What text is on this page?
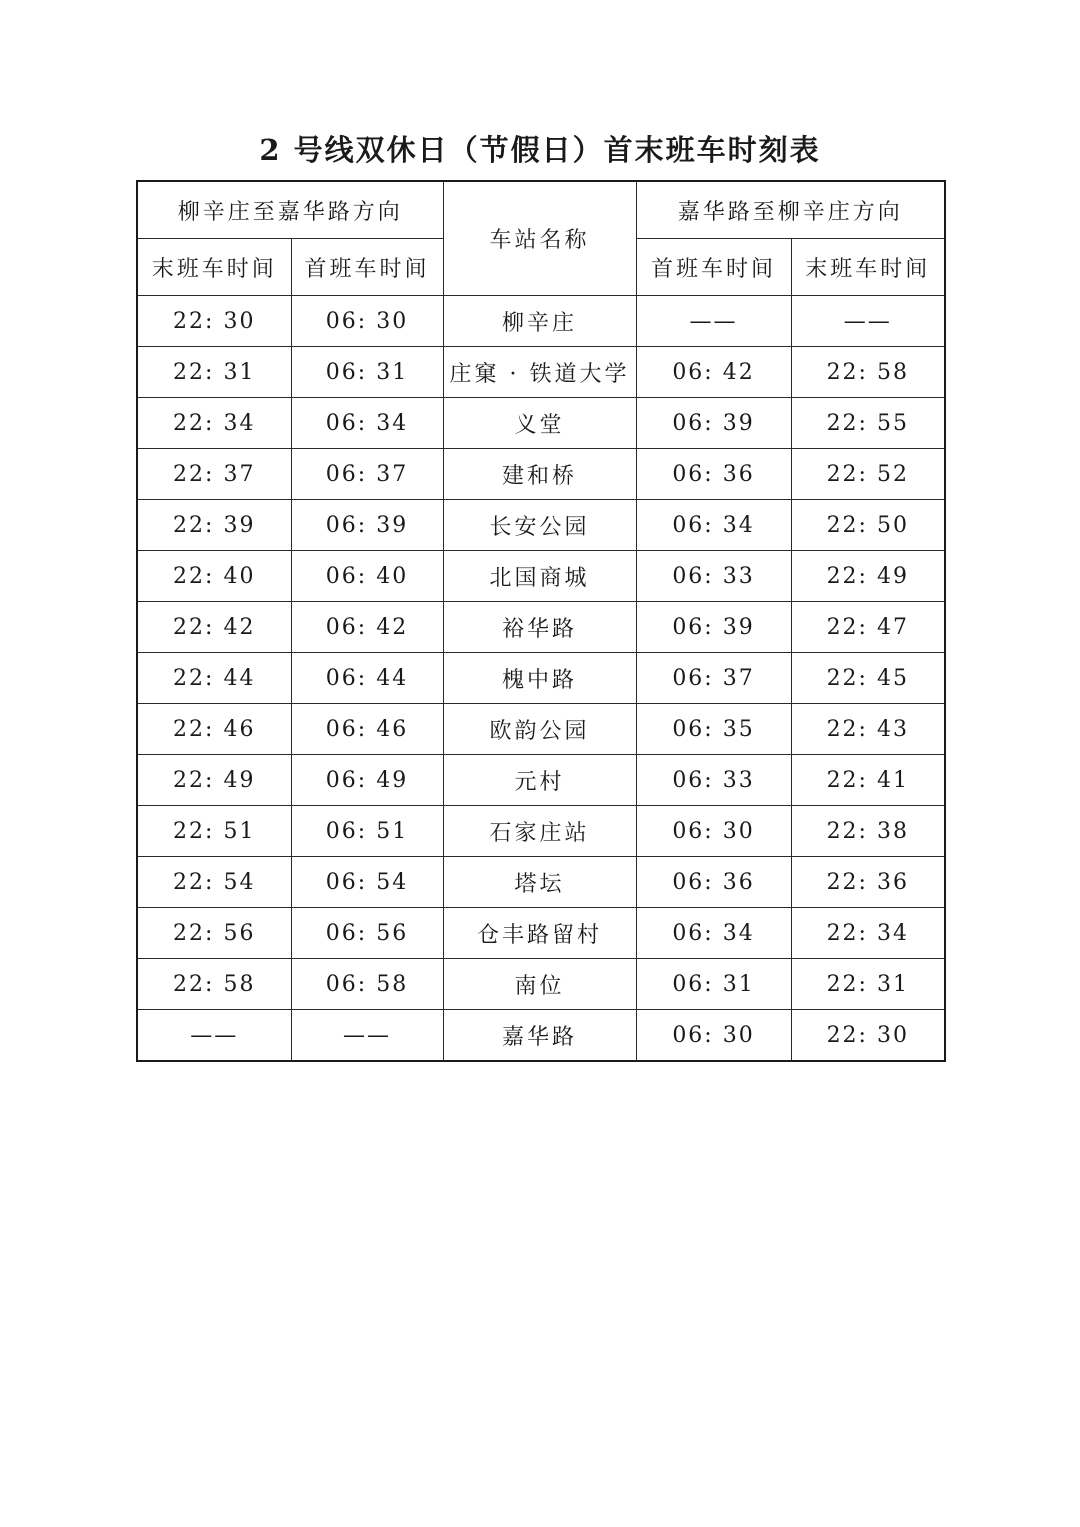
2 号线双休日（节假日）首末班车时刻表
柳辛庄至嘉华路方向		车站名称	嘉华路至柳辛庄方向	
末班车时间	首班车时间		首班车时间	末班车时间
22: 30	06: 30	柳辛庄	——	——
22: 31	06: 31	庄窠 · 铁道大学	06: 42	22: 58
22: 34	06: 34	义堂	06: 39	22: 55
22: 37	06: 37	建和桥	06: 36	22: 52
22: 39	06: 39	长安公园	06: 34	22: 50
22: 40	06: 40	北国商城	06: 33	22: 49
22: 42	06: 42	裕华路	06: 39	22: 47
22: 44	06: 44	槐中路	06: 37	22: 45
22: 46	06: 46	欧韵公园	06: 35	22: 43
22: 49	06: 49	元村	06: 33	22: 41
22: 51	06: 51	石家庄站	06: 30	22: 38
22: 54	06: 54	塔坛	06: 36	22: 36
22: 56	06: 56	仓丰路留村	06: 34	22: 34
22: 58	06: 58	南位	06: 31	22: 31
——	——	嘉华路	06: 30	22: 30
